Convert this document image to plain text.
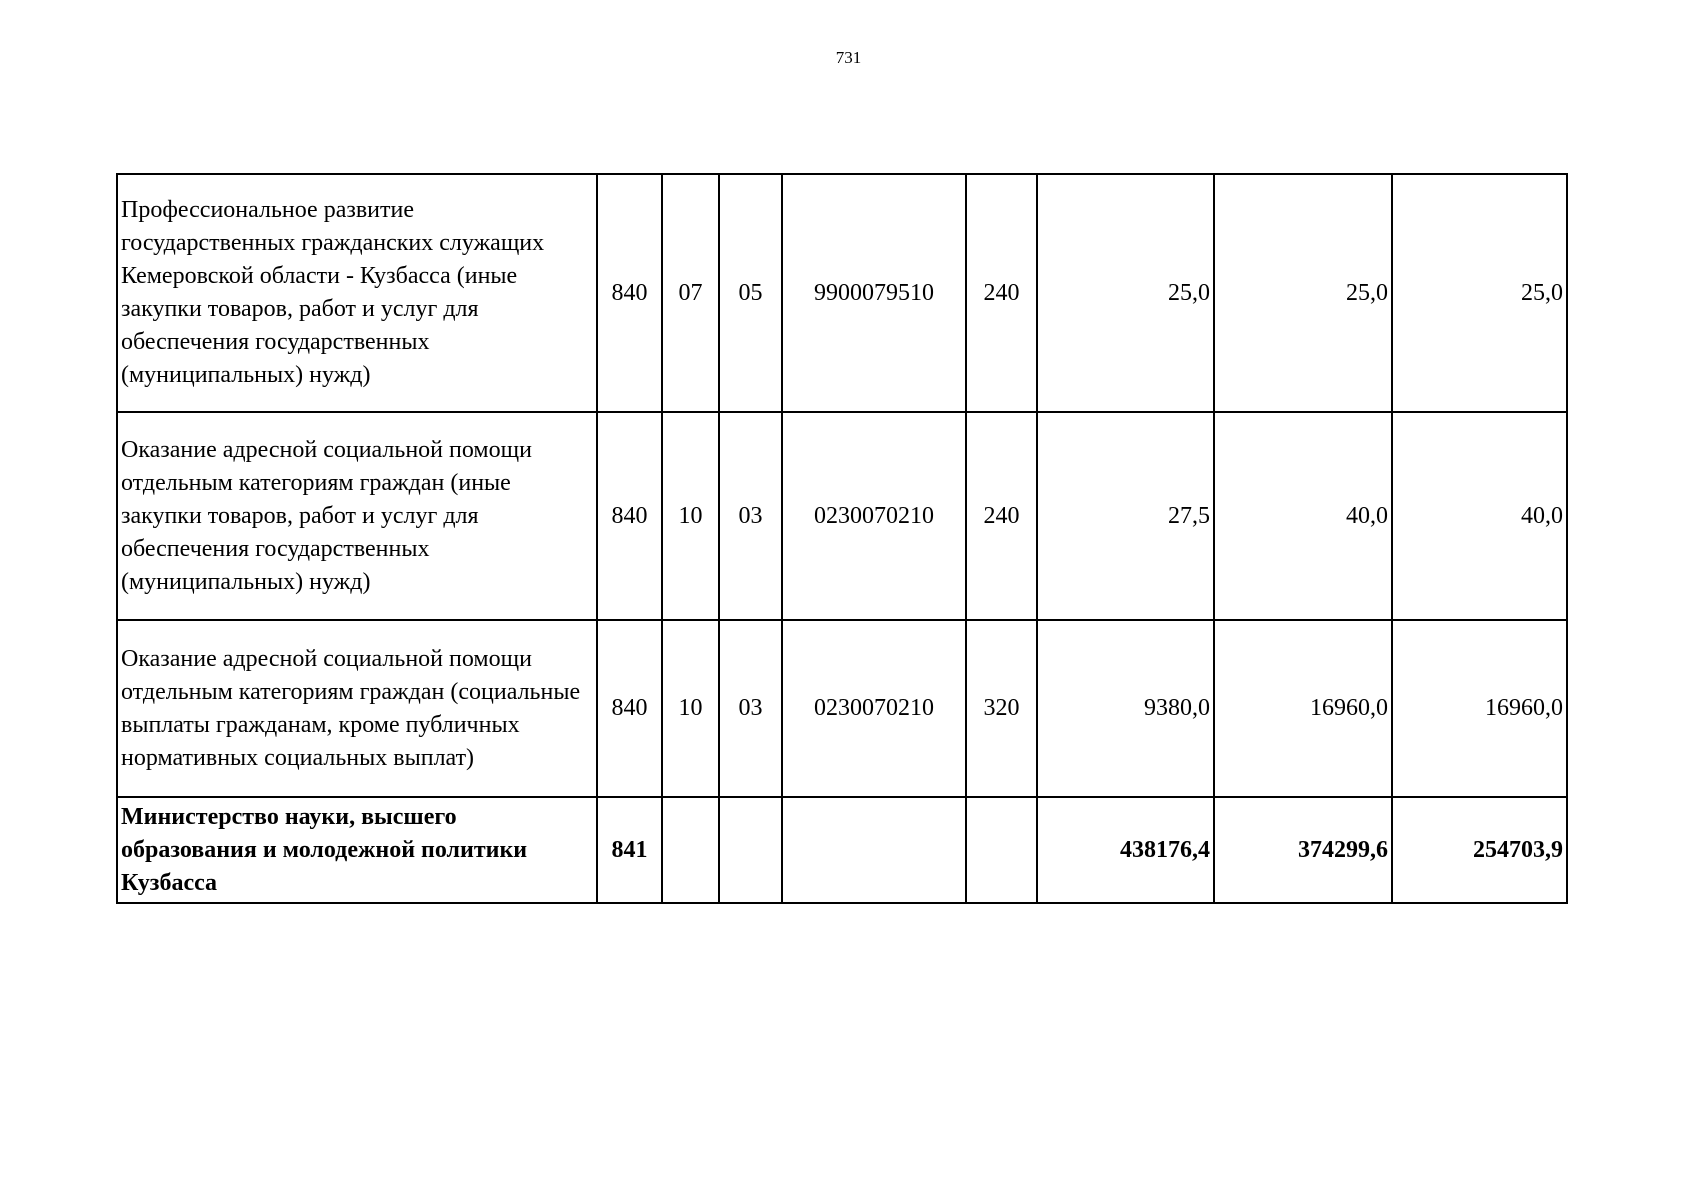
731
Профессиональное развитие государственных гражданских служащих Кемеровской области - Кузбасса (иные закупки товаров, работ и услуг для обеспечения государственных (муниципальных) нужд)	840	07	05	9900079510	240	25,0	25,0	25,0
Оказание адресной социальной помощи отдельным категориям граждан (иные закупки товаров, работ и услуг для обеспечения государственных (муниципальных) нужд)	840	10	03	0230070210	240	27,5	40,0	40,0
Оказание адресной социальной помощи отдельным категориям граждан (социальные выплаты гражданам, кроме публичных нормативных социальных выплат)	840	10	03	0230070210	320	9380,0	16960,0	16960,0
Министерство науки, высшего образования и молодежной политики Кузбасса	841					438176,4	374299,6	254703,9
